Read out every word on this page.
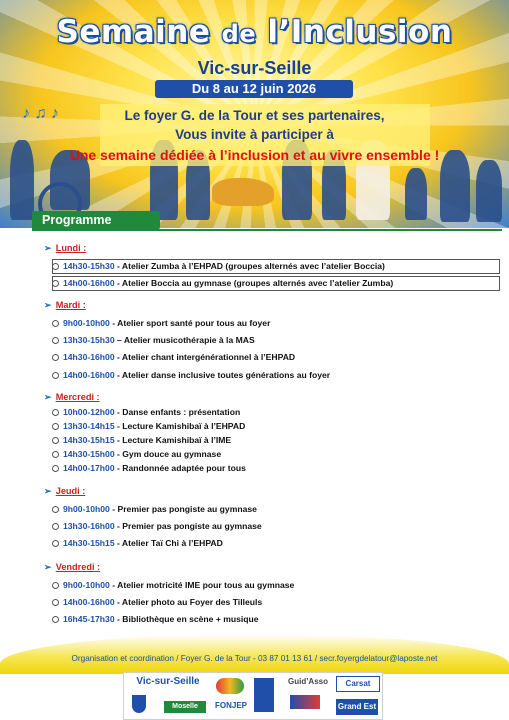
♪ ♫ ♪
Semaine de l’Inclusion
Vic-sur-Seille
Du 8 au 12 juin 2026
Le foyer G. de la Tour et ses partenaires,
Vous invite à participer à
Une semaine dédiée à l’inclusion et au vivre ensemble !
Programme
➢ Lundi :
14h30-15h30 - Atelier Zumba à l’EHPAD (groupes alternés avec l’atelier Boccia)
14h00-16h00 - Atelier Boccia au gymnase (groupes alternés avec l’atelier Zumba)
➢ Mardi :
9h00-10h00 - Atelier sport santé pour tous au foyer
13h30-15h30 – Atelier musicothérapie à la MAS
14h30-16h00 - Atelier chant intergénérationnel à l’EHPAD
14h00-16h00 - Atelier danse inclusive toutes générations au foyer
➢ Mercredi :
10h00-12h00 - Danse enfants : présentation
13h30-14h15 - Lecture Kamishibaï à l’EHPAD
14h30-15h15 - Lecture Kamishibaï à l’IME
14h30-15h00 - Gym douce au gymnase
14h00-17h00 - Randonnée adaptée pour tous
➢ Jeudi :
9h00-10h00 - Premier pas pongiste au gymnase
13h30-16h00 - Premier pas pongiste au gymnase
14h30-15h15 - Atelier Taï Chi à l’EHPAD
➢ Vendredi :
9h00-10h00 - Atelier motricité IME pour tous au gymnase
14h00-16h00 - Atelier photo au Foyer des Tilleuls
16h45-17h30 - Bibliothèque en scène + musique
Organisation et coordination / Foyer G. de la Tour - 03 87 01 13 61 / secr.foyergdelatour@laposte.net
Vic-sur-Seille
Moselle	FONJEP
Guid’Asso	Carsat
Grand Est
